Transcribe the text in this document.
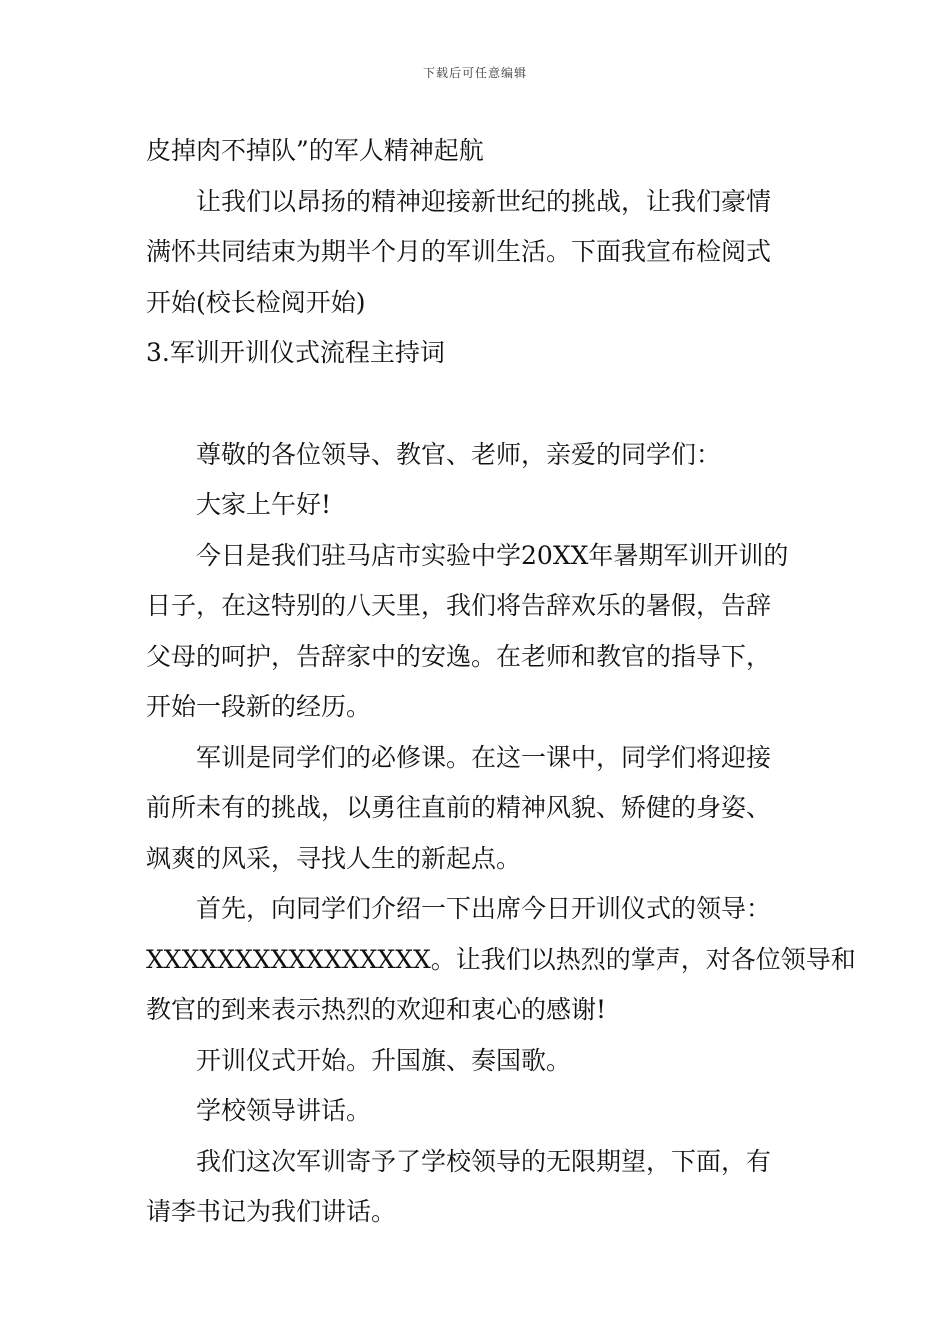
下载后可任意编辑
皮掉肉不掉队”的军人精神起航
让我们以昂扬的精神迎接新世纪的挑战，让我们豪情
满怀共同结束为期半个月的军训生活。下面我宣布检阅式
开始(校长检阅开始)
3.军训开训仪式流程主持词
尊敬的各位领导、教官、老师，亲爱的同学们：
大家上午好!
今日是我们驻马店市实验中学20XX年暑期军训开训的
日子，在这特别的八天里，我们将告辞欢乐的暑假，告辞
父母的呵护，告辞家中的安逸。在老师和教官的指导下，
开始一段新的经历。
军训是同学们的必修课。在这一课中，同学们将迎接
前所未有的挑战，以勇往直前的精神风貌、矫健的身姿、
飒爽的风采，寻找人生的新起点。
首先，向同学们介绍一下出席今日开训仪式的领导：
XXXXXXXXXXXXXXXX。让我们以热烈的掌声，对各位领导和
教官的到来表示热烈的欢迎和衷心的感谢!
开训仪式开始。升国旗、奏国歌。
学校领导讲话。
我们这次军训寄予了学校领导的无限期望，下面，有
请李书记为我们讲话。
